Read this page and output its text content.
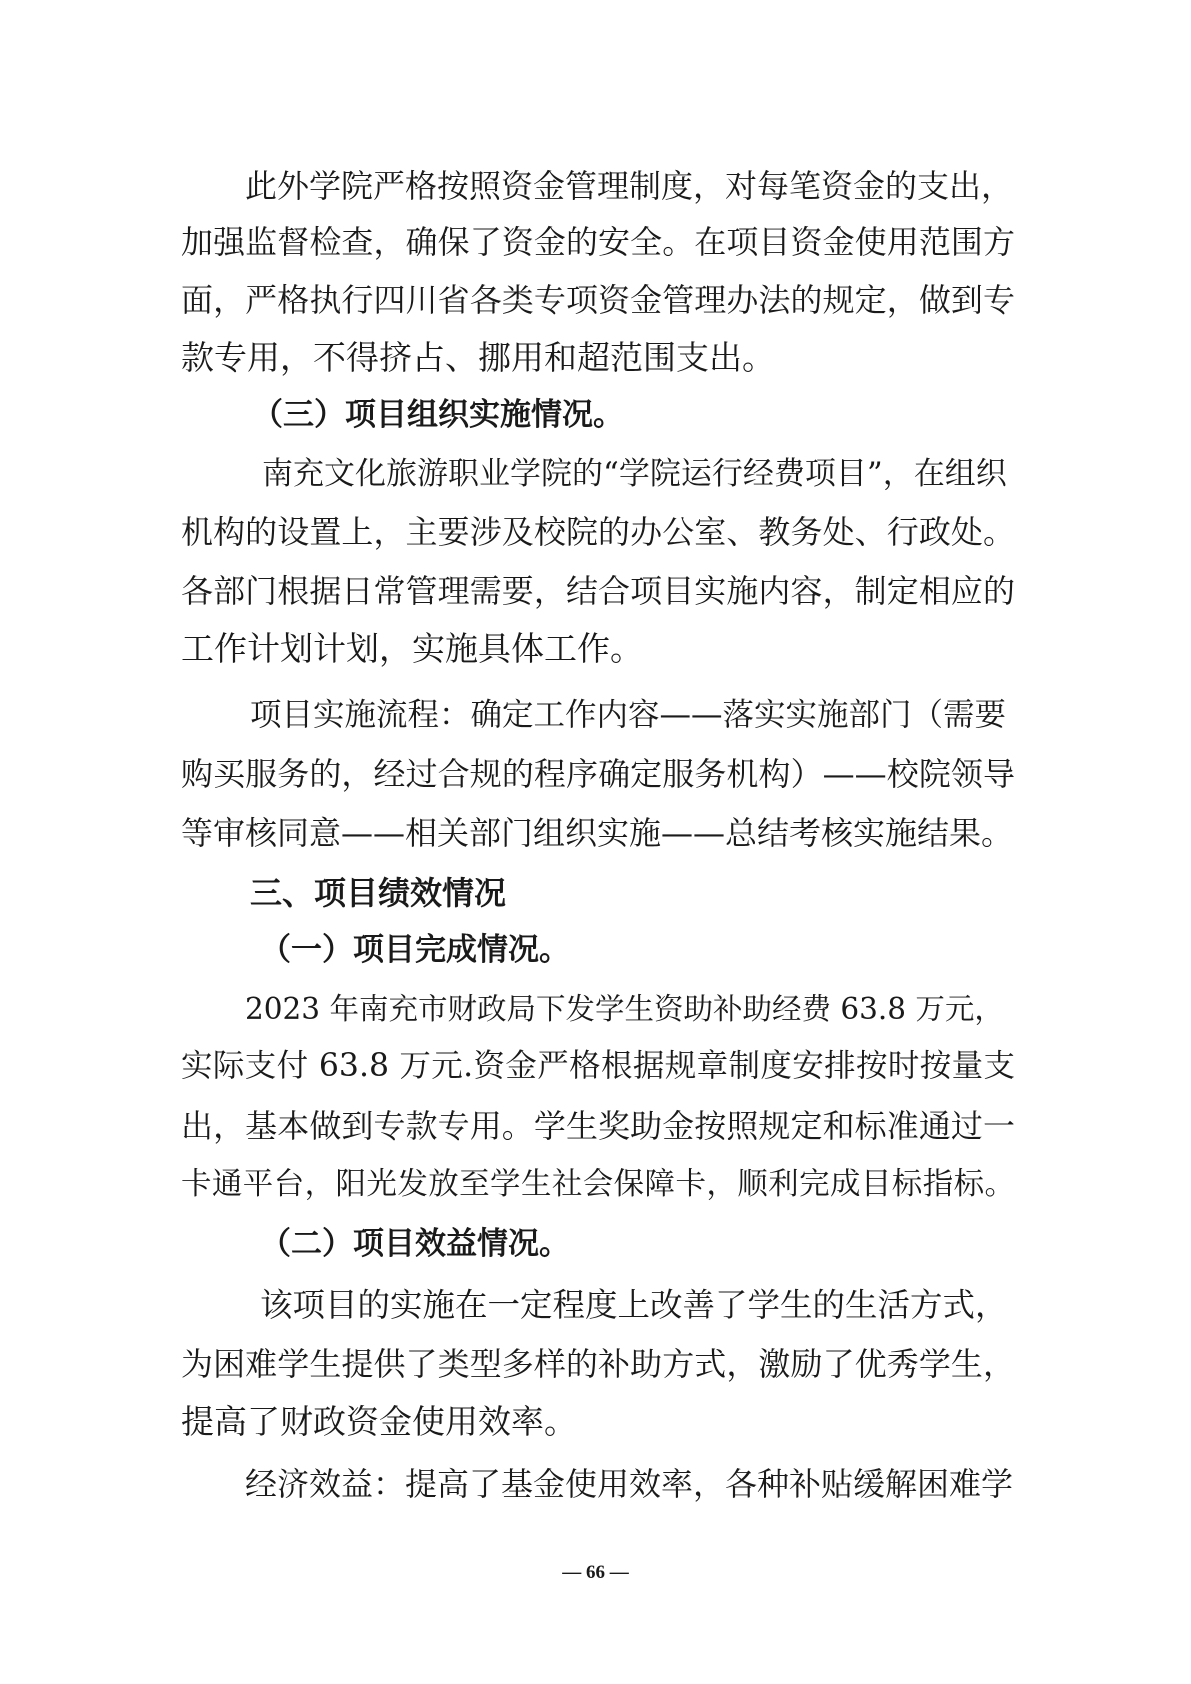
此外学院严格按照资金管理制度，对每笔资金的支出，
加强监督检查，确保了资金的安全。在项目资金使用范围方
面，严格执行四川省各类专项资金管理办法的规定，做到专
款专用，不得挤占、挪用和超范围支出。
（三）项目组织实施情况。
南充文化旅游职业学院的“学院运行经费项目”，在组织
机构的设置上，主要涉及校院的办公室、教务处、行政处。
各部门根据日常管理需要，结合项目实施内容，制定相应的
工作计划计划，实施具体工作。
项目实施流程：确定工作内容——落实实施部门（需要
购买服务的，经过合规的程序确定服务机构）——校院领导
等审核同意——相关部门组织实施——总结考核实施结果。
三、项目绩效情况
（一）项目完成情况。
2023 年南充市财政局下发学生资助补助经费 63.8 万元，
实际支付 63.8 万元.资金严格根据规章制度安排按时按量支
出，基本做到专款专用。学生奖助金按照规定和标准通过一
卡通平台，阳光发放至学生社会保障卡，顺利完成目标指标。
（二）项目效益情况。
该项目的实施在一定程度上改善了学生的生活方式，
为困难学生提供了类型多样的补助方式，激励了优秀学生，
提高了财政资金使用效率。
经济效益：提高了基金使用效率，各种补贴缓解困难学
— 66 —
